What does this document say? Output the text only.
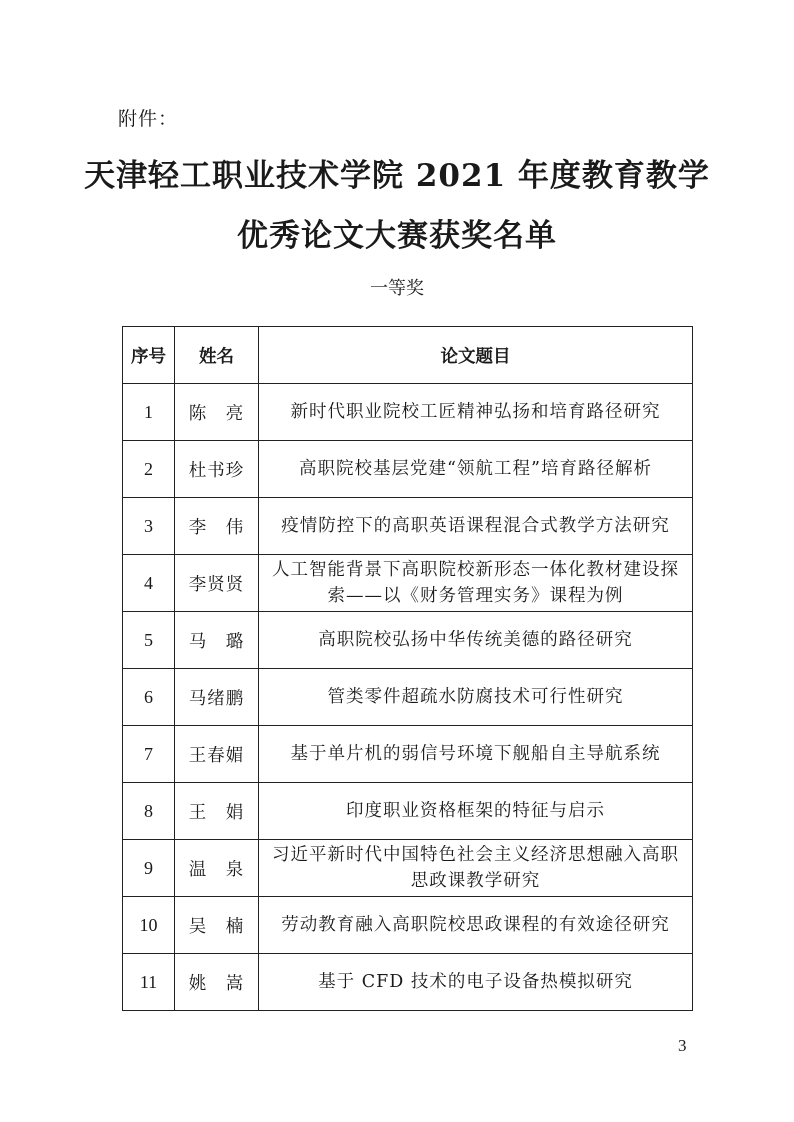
附件：
天津轻工职业技术学院 2021 年度教育教学
优秀论文大赛获奖名单
一等奖
序号	姓名	论文题目
1	陈　亮	新时代职业院校工匠精神弘扬和培育路径研究
2	杜书珍	高职院校基层党建“领航工程”培育路径解析
3	李　伟	疫情防控下的高职英语课程混合式教学方法研究
4	李贤贤	人工智能背景下高职院校新形态一体化教材建设探索——以《财务管理实务》课程为例
5	马　璐	高职院校弘扬中华传统美德的路径研究
6	马绪鹏	管类零件超疏水防腐技术可行性研究
7	王春媚	基于单片机的弱信号环境下舰船自主导航系统
8	王　娟	印度职业资格框架的特征与启示
9	温　泉	习近平新时代中国特色社会主义经济思想融入高职思政课教学研究
10	吴　楠	劳动教育融入高职院校思政课程的有效途径研究
11	姚　嵩	基于 CFD 技术的电子设备热模拟研究
3
